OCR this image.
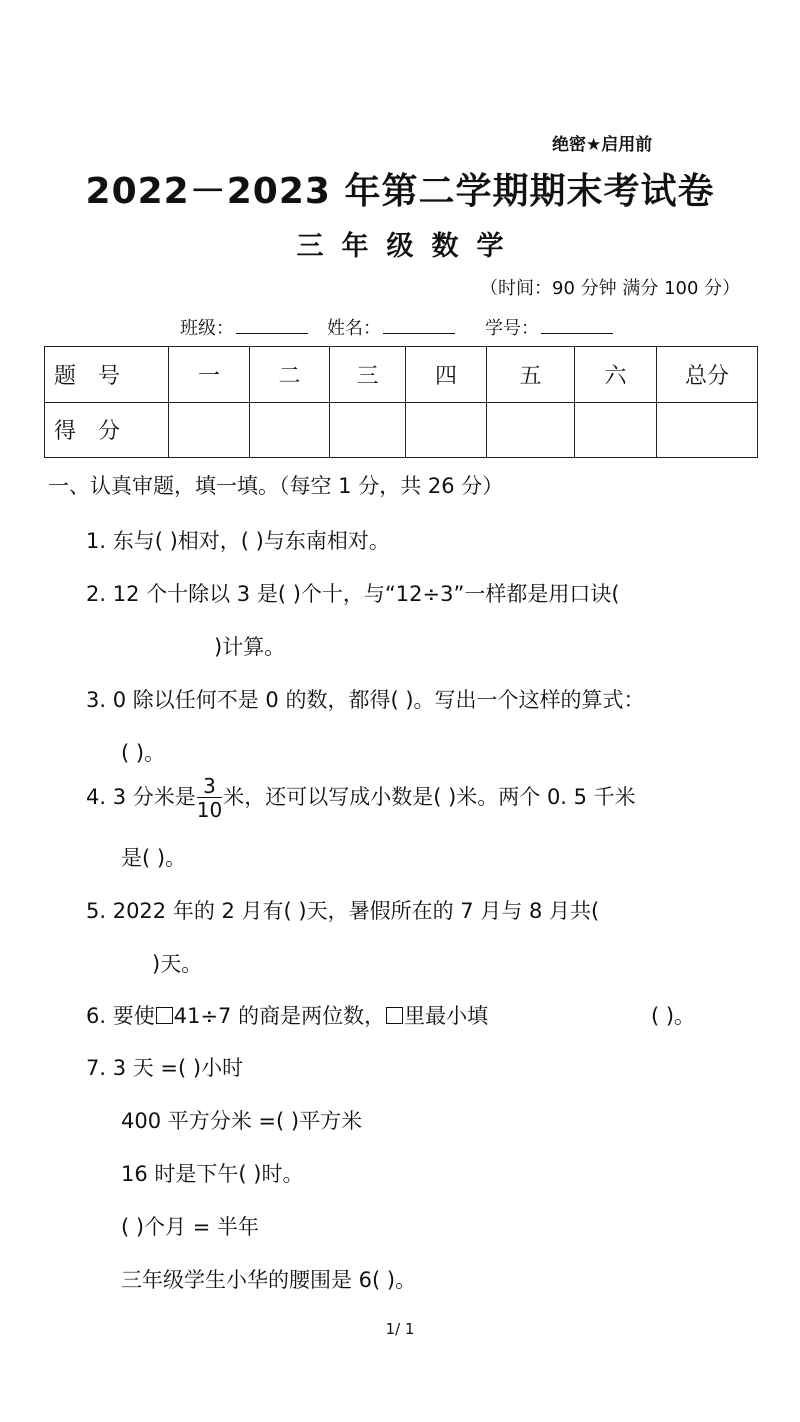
绝密★启用前
2022－2023 年第二学期期末考试卷
三年级数学
（时间：90 分钟 满分 100 分）
班级：	姓名：	学号：
题　号	一	二	三	四	五	六	总分
得　分							
一、认真审题，填一填。（每空 1 分，共 26 分）
1. 东与( )相对，( )与东南相对。
2. 12 个十除以 3 是( )个十，与“12÷3”一样都是用口诀(
)计算。
3. 0 除以任何不是 0 的数，都得( )。写出一个这样的算式：
( )。
4. 3 分米是 $\frac{3}{10}$ 米，还可以写成小数是( )米。两个 0. 5 千米
是( )。
5. 2022 年的 2 月有( )天，暑假所在的 7 月与 8 月共(
)天。
6. 要使 41÷7 的商是两位数， 里最小填	( )。
7. 3 天 =( )小时
400 平方分米 =( )平方米
16 时是下午( )时。
( )个月 = 半年
三年级学生小华的腰围是 6( )。
1/ 1
